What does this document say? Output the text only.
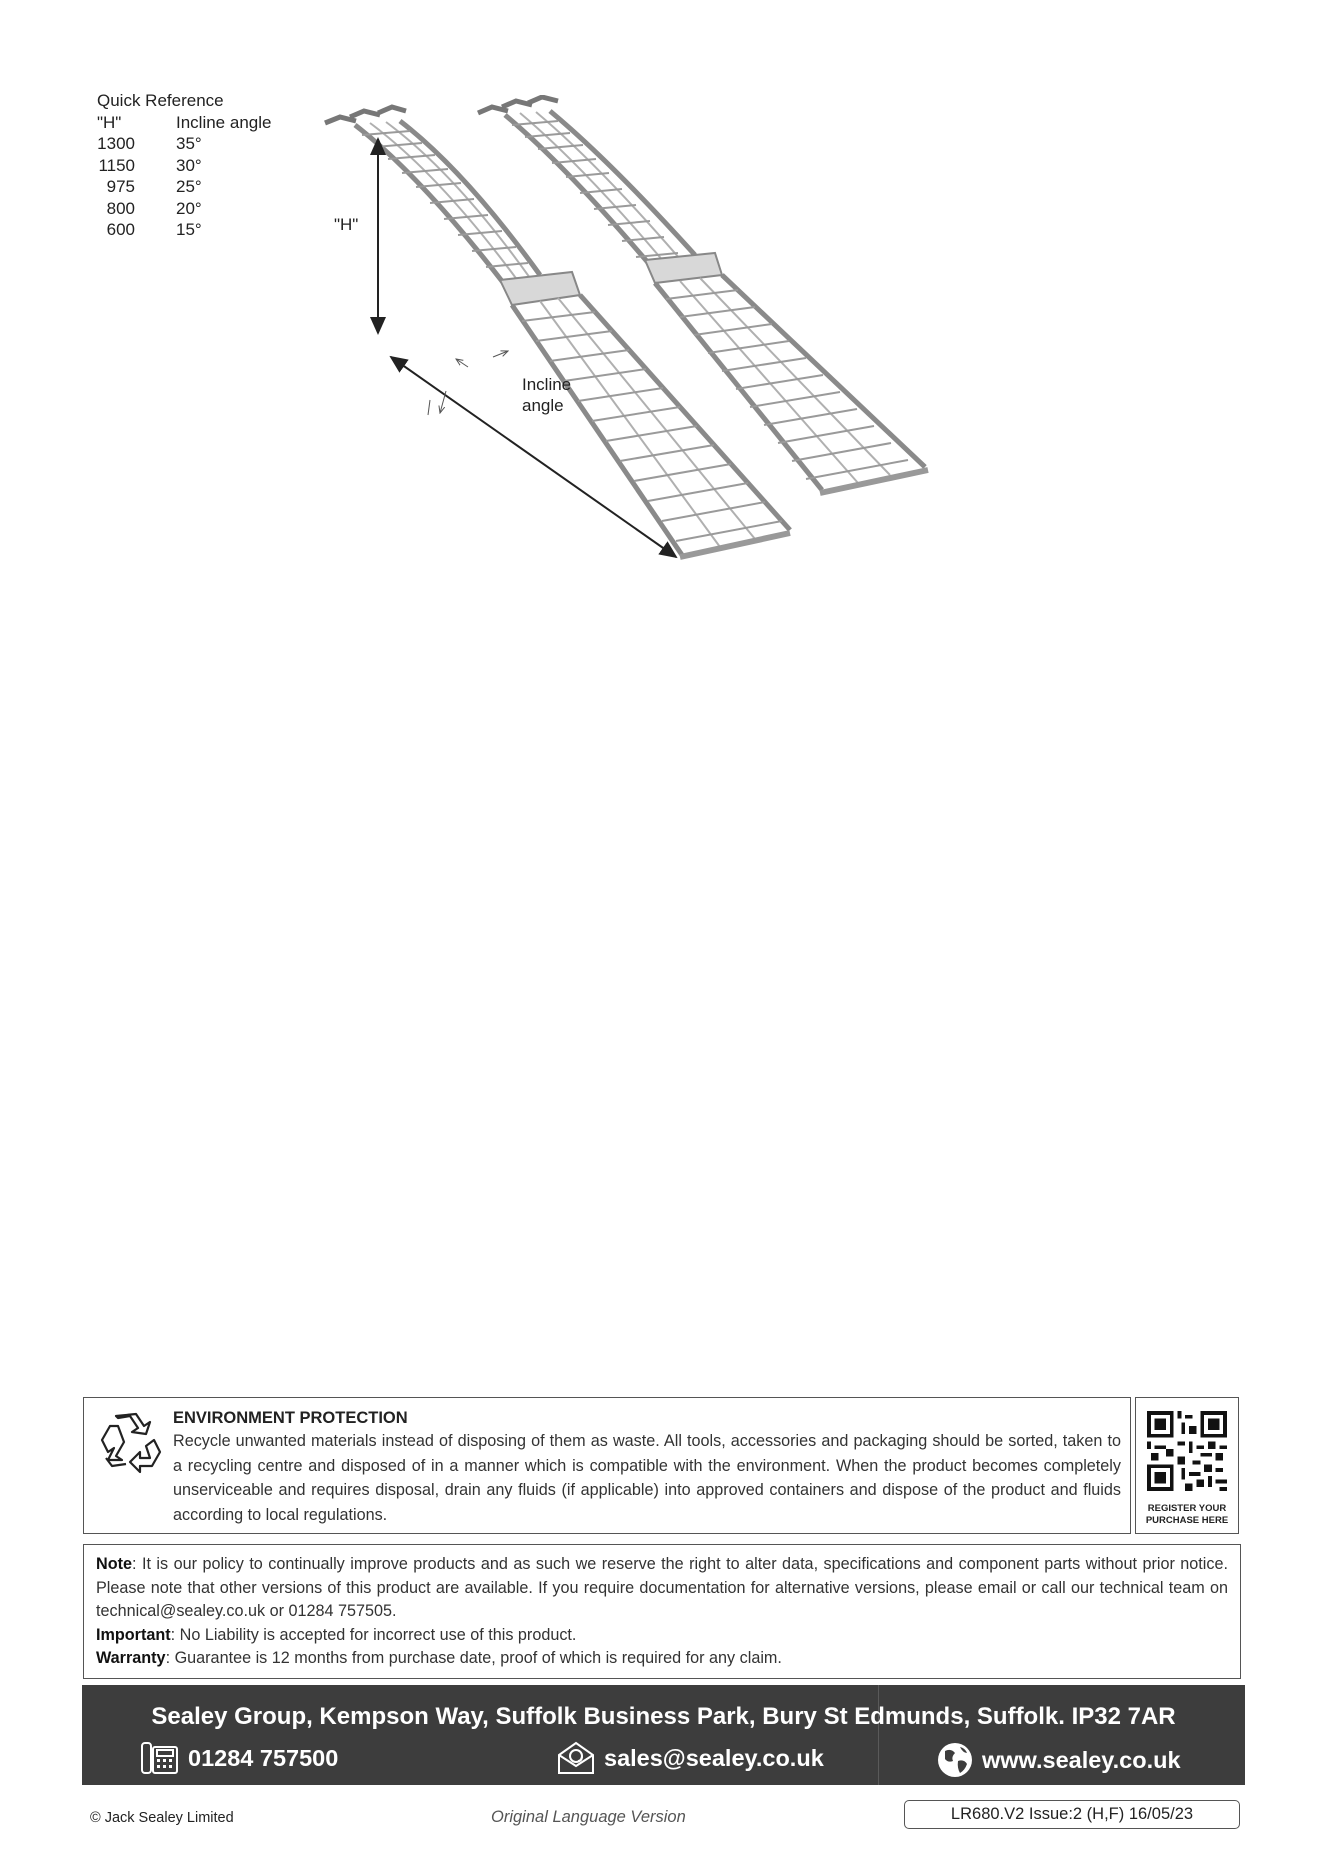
Quick Reference
"H"	Incline angle
1300	35°
1150	30°
975	25°
800	20°
600	15°	"H"
Incline
angle
ENVIRONMENT PROTECTION
Recycle unwanted materials instead of disposing of them as waste. All tools, accessories and packaging should be sorted, taken to a recycling centre and disposed of in a manner which is compatible with the environment. When the product becomes completely unserviceable and requires disposal, drain any fluids (if applicable) into approved containers and dispose of the product and fluids according to local regulations.	REGISTER YOUR
PURCHASE HERE
Note: It is our policy to continually improve products and as such we reserve the right to alter data, specifications and component parts without prior notice. Please note that other versions of this product are available. If you require documentation for alternative versions, please email or call our technical team on technical@sealey.co.uk or 01284 757505.
Important: No Liability is accepted for incorrect use of this product.
Warranty: Guarantee is 12 months from purchase date, proof of which is required for any claim.
Sealey Group, Kempson Way, Suffolk Business Park, Bury St Edmunds, Suffolk. IP32 7AR
01284 757500	sales@sealey.co.uk	www.sealey.co.uk
© Jack Sealey Limited	Original Language Version	LR680.V2 Issue:2 (H,F) 16/05/23
